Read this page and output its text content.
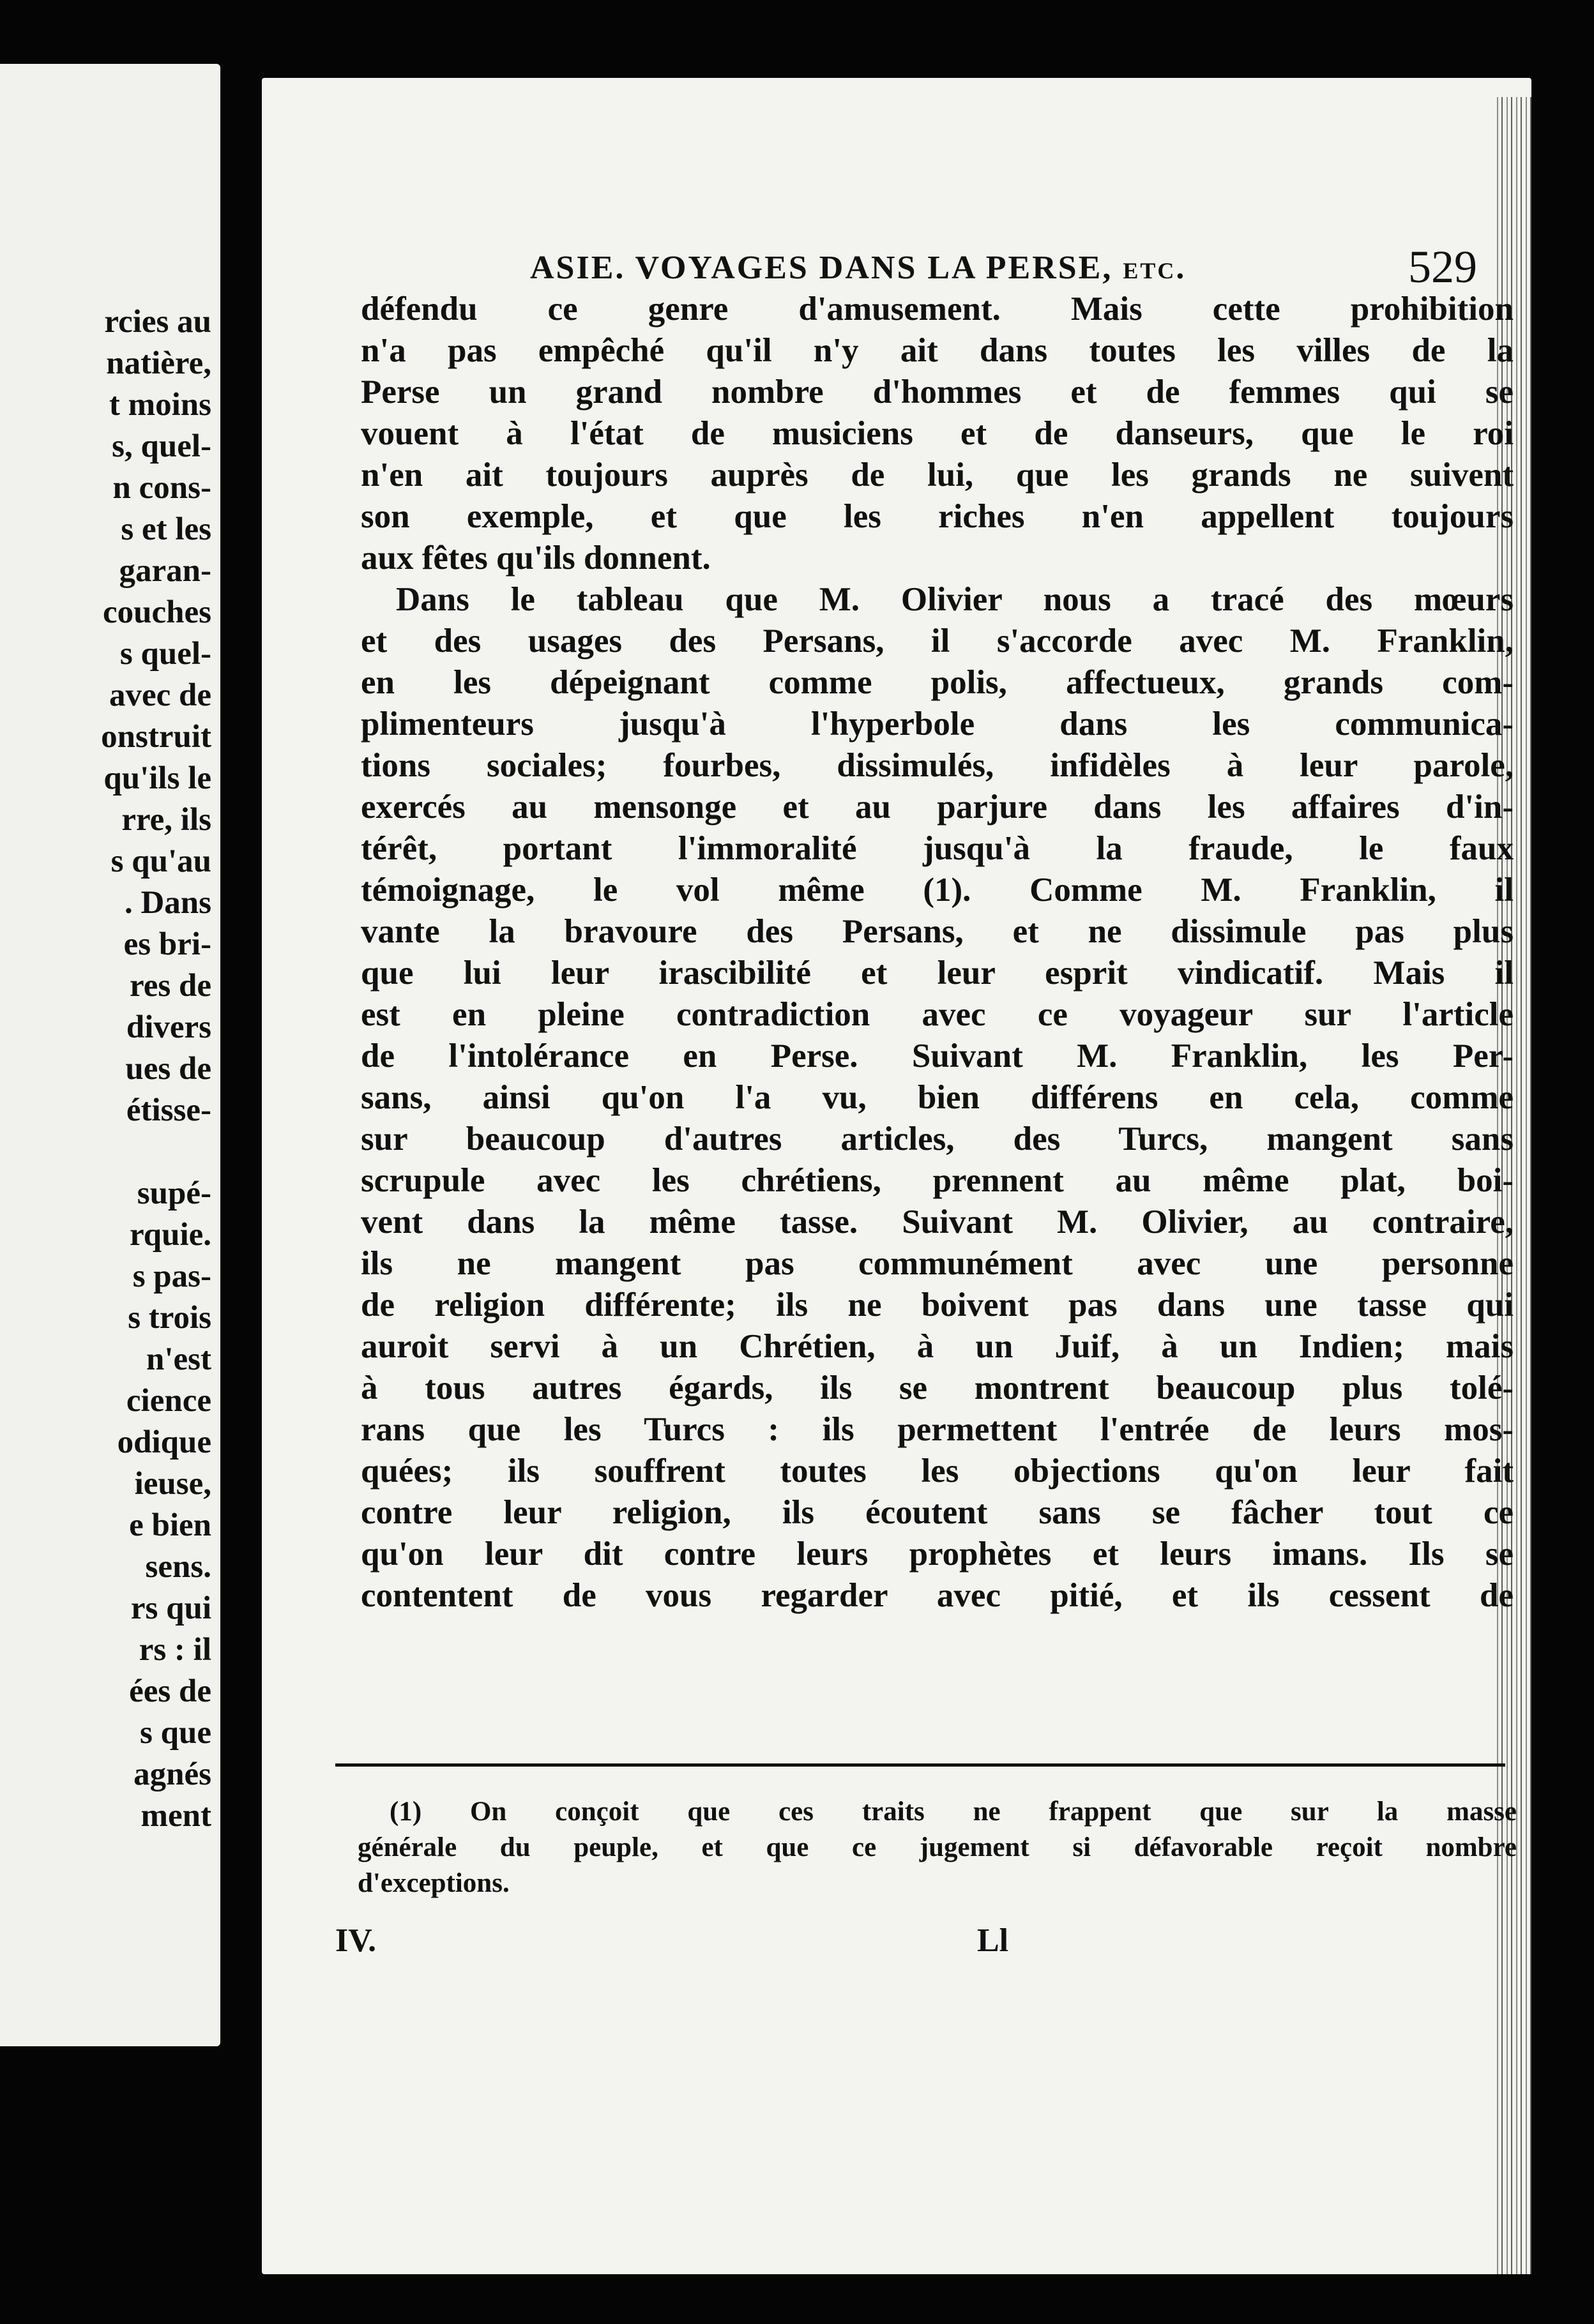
rcies au
natière,
t moins
s, quel-
n cons-
s et les
garan-
couches
s quel-
avec de
onstruit
qu'ils le
rre, ils
s qu'au
. Dans
es bri-
res de
divers
ues de
étisse-
supé-
rquie.
s pas-
s trois
n'est
cience
odique
ieuse,
e bien
sens.
rs qui
rs : il
ées de
s que
agnés
ment
ASIE. VOYAGES DANS LA PERSE, etc.	529
défendu ce genre d'amusement. Mais cette prohibition
n'a pas empêché qu'il n'y ait dans toutes les villes de la
Perse un grand nombre d'hommes et de femmes qui se
vouent à l'état de musiciens et de danseurs, que le roi
n'en ait toujours auprès de lui, que les grands ne suivent
son exemple, et que les riches n'en appellent toujours
aux fêtes qu'ils donnent.
Dans le tableau que M. Olivier nous a tracé des mœurs
et des usages des Persans, il s'accorde avec M. Franklin,
en les dépeignant comme polis, affectueux, grands com-
plimenteurs jusqu'à l'hyperbole dans les communica-
tions sociales; fourbes, dissimulés, infidèles à leur parole,
exercés au mensonge et au parjure dans les affaires d'in-
térêt, portant l'immoralité jusqu'à la fraude, le faux
témoignage, le vol même (1). Comme M. Franklin, il
vante la bravoure des Persans, et ne dissimule pas plus
que lui leur irascibilité et leur esprit vindicatif. Mais il
est en pleine contradiction avec ce voyageur sur l'article
de l'intolérance en Perse. Suivant M. Franklin, les Per-
sans, ainsi qu'on l'a vu, bien différens en cela, comme
sur beaucoup d'autres articles, des Turcs, mangent sans
scrupule avec les chrétiens, prennent au même plat, boi-
vent dans la même tasse. Suivant M. Olivier, au contraire,
ils ne mangent pas communément avec une personne
de religion différente; ils ne boivent pas dans une tasse qui
auroit servi à un Chrétien, à un Juif, à un Indien; mais
à tous autres égards, ils se montrent beaucoup plus tolé-
rans que les Turcs : ils permettent l'entrée de leurs mos-
quées; ils souffrent toutes les objections qu'on leur fait
contre leur religion, ils écoutent sans se fâcher tout ce
qu'on leur dit contre leurs prophètes et leurs imans. Ils se
contentent de vous regarder avec pitié, et ils cessent de
(1) On conçoit que ces traits ne frappent que sur la masse
générale du peuple, et que ce jugement si défavorable reçoit nombre
d'exceptions.
IV.	Ll
